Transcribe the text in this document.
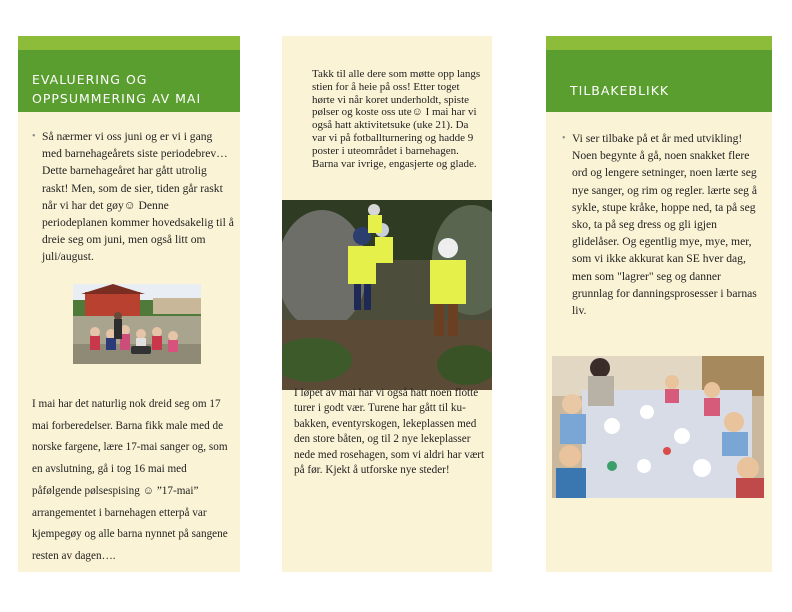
EVALUERING OG OPPSUMMERING AV MAI
• Så nærmer vi oss juni og er vi i gang med barnehageårets siste periodebrev… Dette barnehageåret har gått utrolig raskt! Men, som de sier, tiden går raskt når vi har det gøy☺ Denne periodeplanen kommer hovedsakelig til å dreie seg om juni, men også litt om juli/august.
I mai har det naturlig nok dreid seg om 17 mai forberedelser. Barna fikk male med de norske fargene, lære 17-mai sanger og, som en avslutning, gå i tog 16 mai med påfølgende pølsespising ☺ ”17-mai” arrangementet i barnehagen etterpå var kjempegøy og alle barna nynnet på sangene resten av dagen….
Takk til alle dere som møtte opp langs stien for å heie på oss! Etter toget hørte vi når koret underholdt, spiste pølser og koste oss ute☺ I mai har vi også hatt aktivitetsuke (uke 21). Da var vi på fotballturnering og hadde 9 poster i uteområdet i barnehagen. Barna var ivrige, engasjerte og glade.
I løpet av mai har vi også hatt noen flotte turer i godt vær. Turene har gått til ku-bakken, eventyrskogen, lekeplassen med den store båten, og til 2 nye lekeplasser nede med rosehagen, som vi aldri har vært på før. Kjekt å utforske nye steder!
TILBAKEBLIKK
• Vi ser tilbake på et år med utvikling! Noen begynte å gå, noen snakket flere ord og lengere setninger, noen lærte seg nye sanger, og rim og regler. lærte seg å sykle, stupe kråke, hoppe ned, ta på seg sko, ta på seg dress og gli igjen glidelåser. Og egentlig mye, mye, mer, som vi ikke akkurat kan SE hver dag, men som "lagrer" seg og danner grunnlag for danningsprosesser i barnas liv.
